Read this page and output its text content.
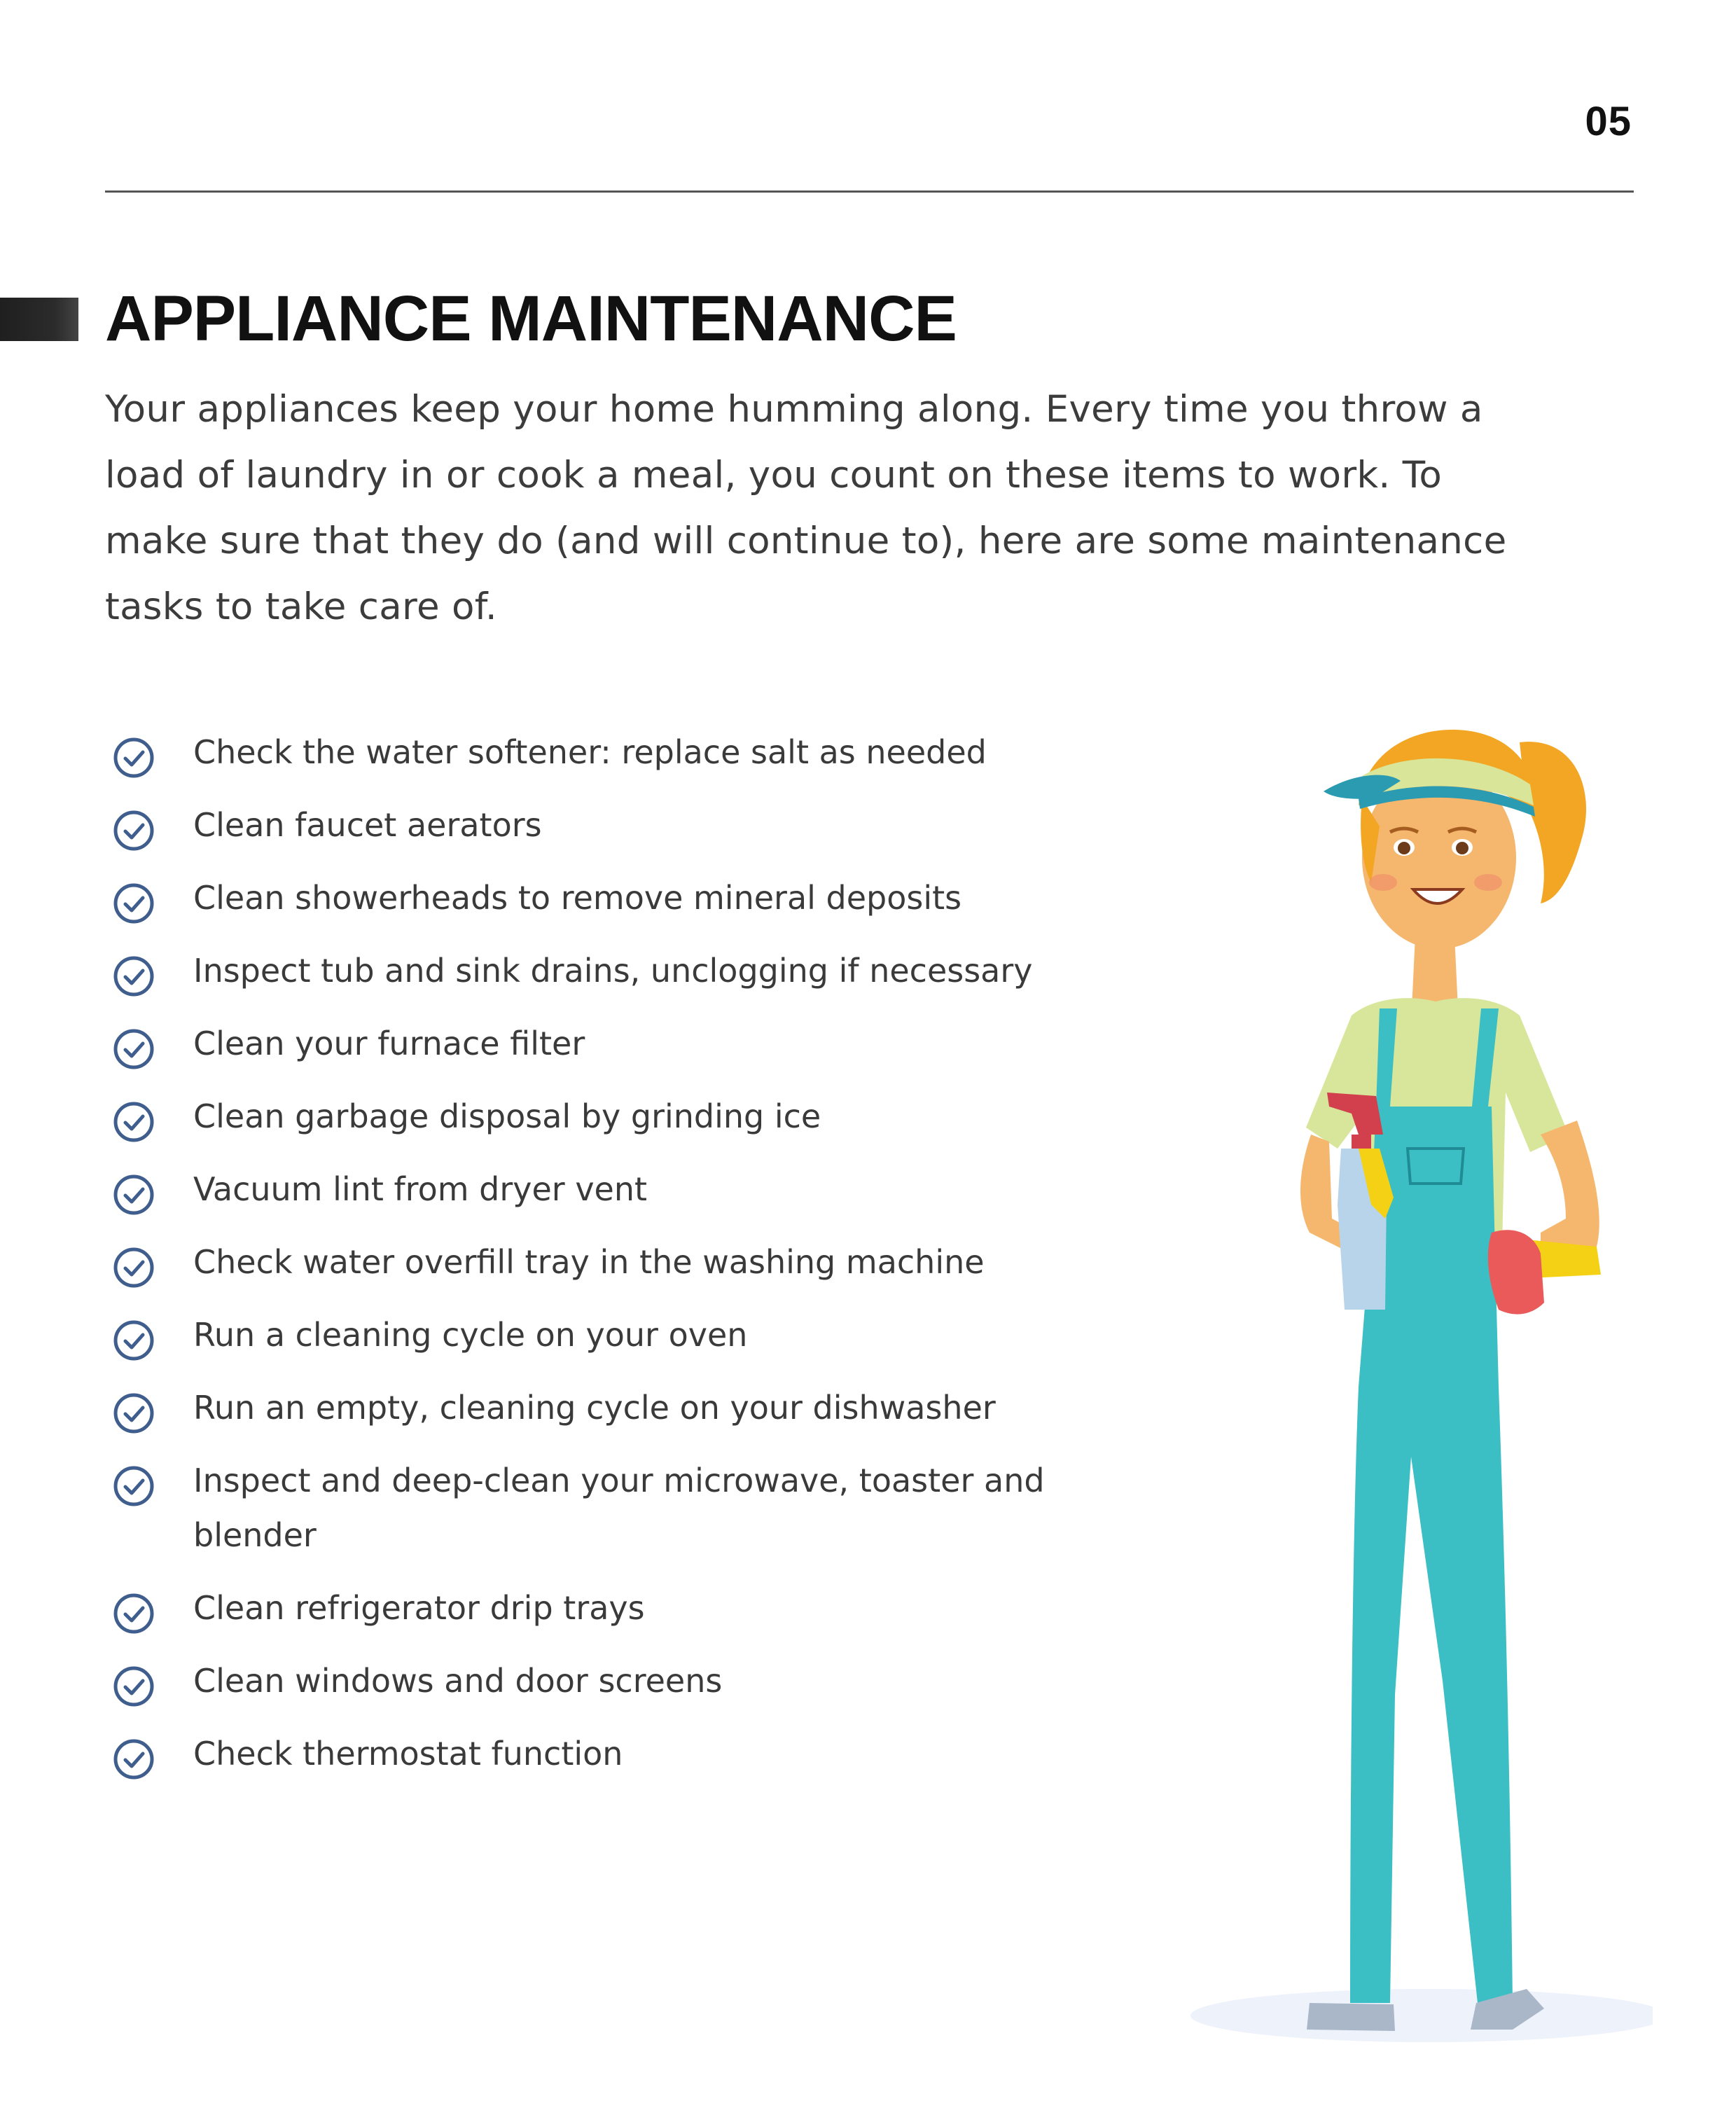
05
APPLIANCE MAINTENANCE

Your appliances keep your home humming along. Every time you throw a load of laundry in or cook a meal, you count on these items to work. To make sure that they do (and will continue to), here are some maintenance tasks to take care of.

Check the water softener: replace salt as needed
Clean faucet aerators
Clean showerheads to remove mineral deposits
Inspect tub and sink drains, unclogging if necessary
Clean your furnace filter
Clean garbage disposal by grinding ice
Vacuum lint from dryer vent
Check water overfill tray in the washing machine
Run a cleaning cycle on your oven
Run an empty, cleaning cycle on your dishwasher
Inspect and deep-clean your microwave, toaster and blender
Clean refrigerator drip trays
Clean windows and door screens
Check thermostat function
